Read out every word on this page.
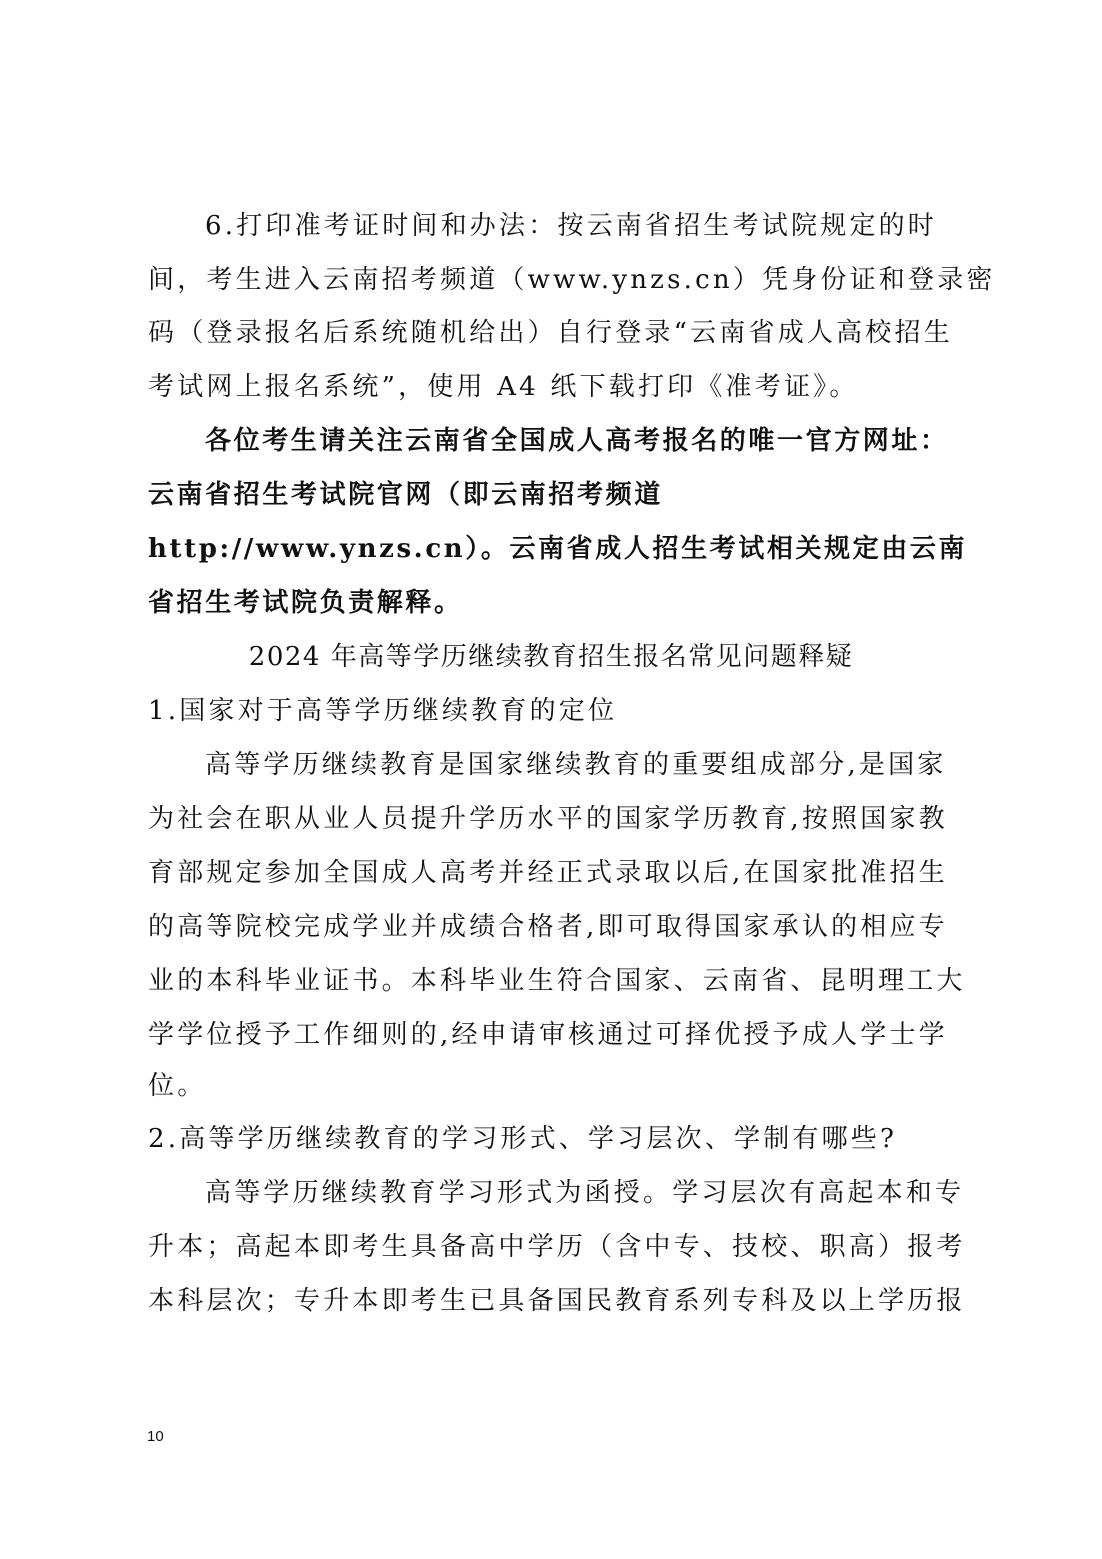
6.打印准考证时间和办法：按云南省招生考试院规定的时
间，考生进入云南招考频道（www.ynzs.cn）凭身份证和登录密
码（登录报名后系统随机给出）自行登录“云南省成人高校招生
考试网上报名系统”，使用 A4 纸下载打印《准考证》。
各位考生请关注云南省全国成人高考报名的唯一官方网址：
云南省招生考试院官网（即云南招考频道
http://www.ynzs.cn）。云南省成人招生考试相关规定由云南
省招生考试院负责解释。
2024 年高等学历继续教育招生报名常见问题释疑
1.国家对于高等学历继续教育的定位
高等学历继续教育是国家继续教育的重要组成部分,是国家
为社会在职从业人员提升学历水平的国家学历教育,按照国家教
育部规定参加全国成人高考并经正式录取以后,在国家批准招生
的高等院校完成学业并成绩合格者,即可取得国家承认的相应专
业的本科毕业证书。本科毕业生符合国家、云南省、昆明理工大
学学位授予工作细则的,经申请审核通过可择优授予成人学士学
位。
2.高等学历继续教育的学习形式、学习层次、学制有哪些?
高等学历继续教育学习形式为函授。学习层次有高起本和专
升本；高起本即考生具备高中学历（含中专、技校、职高）报考
本科层次；专升本即考生已具备国民教育系列专科及以上学历报
10
